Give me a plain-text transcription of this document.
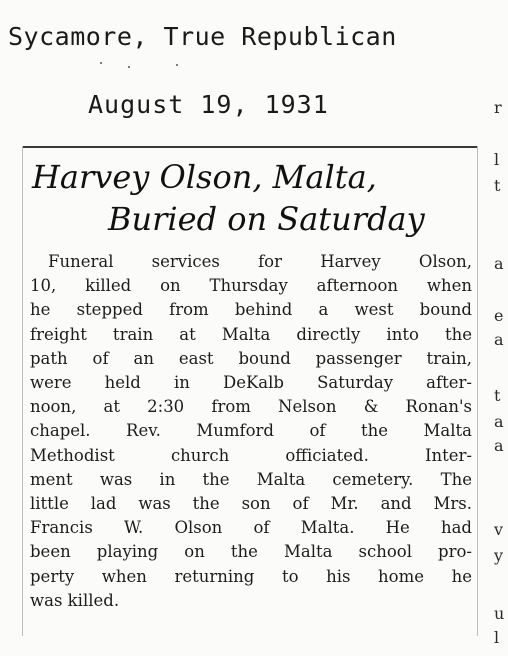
Sycamore, True Republican
August 19, 1931
Harvey Olson, Malta,
Buried on Saturday
Funeral services for Harvey Olson,
10, killed on Thursday afternoon when
he stepped from behind a west bound
freight train at Malta directly into the
path of an east bound passenger train,
were held in DeKalb Saturday after-
noon, at 2:30 from Nelson & Ronan's
chapel. Rev. Mumford of the Malta
Methodist church officiated. Inter-
ment was in the Malta cemetery. The
little lad was the son of Mr. and Mrs.
Francis W. Olson of Malta. He had
been playing on the Malta school pro-
perty when returning to his home he
was killed.
r
l
t
a
e
a
t
a
a
v
y
u
l
